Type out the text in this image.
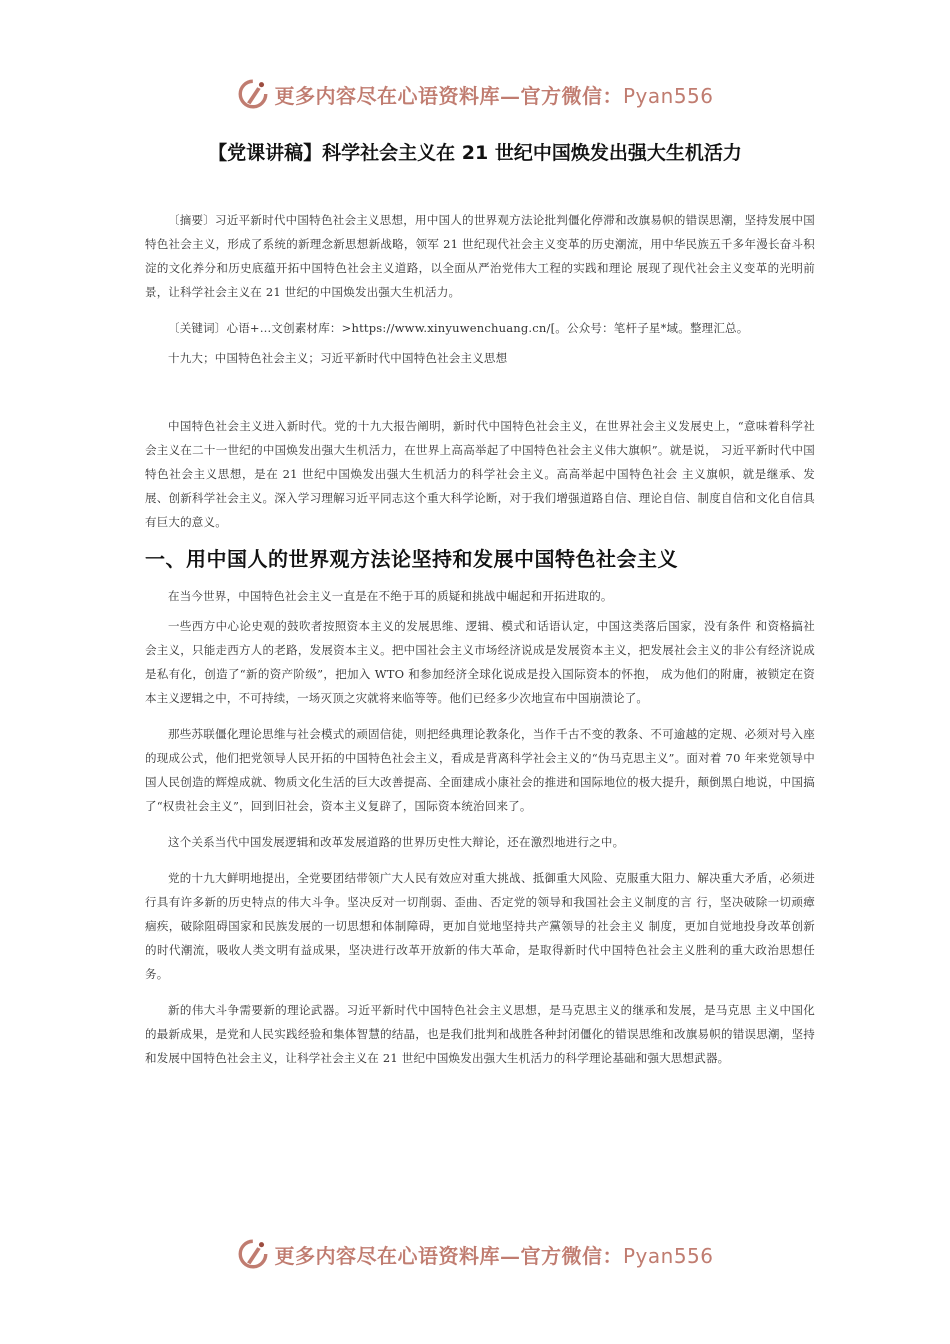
更多内容尽在心语资料库—官方微信：Pyan556
【党课讲稿】科学社会主义在 21 世纪中国焕发出强大生机活力

〔摘要〕习近平新时代中国特色社会主义思想，用中国人的世界观方法论批判僵化停滞和改旗易帜的错误思潮，坚持发展中国特色社会主义，形成了系统的新理念新思想新战略，领军 21 世纪现代社会主义变革的历史潮流，用中华民族五千多年漫长奋斗积淀的文化养分和历史底蕴开拓中国特色社会主义道路，以全面从严治党伟大工程的实践和理论 展现了现代社会主义变革的光明前景，让科学社会主义在 21 世纪的中国焕发出强大生机活力。

〔关键词〕心语+…文创素材库：>https://www.xinyuwenchuang.cn/[。公众号：笔杆子星*域。整理汇总。

十九大；中国特色社会主义；习近平新时代中国特色社会主义思想

中国特色社会主义进入新时代。党的十九大报告阐明，新时代中国特色社会主义，在世界社会主义发展史上，“意味着科学社会主义在二十一世纪的中国焕发出强大生机活力，在世界上高高举起了中国特色社会主义伟大旗帜”。就是说， 习近平新时代中国特色社会主义思想，是在 21 世纪中国焕发出强大生机活力的科学社会主义。高高举起中国特色社会 主义旗帜，就是继承、发展、创新科学社会主义。深入学习理解习近平同志这个重大科学论断，对于我们增强道路自信、理论自信、制度自信和文化自信具有巨大的意义。

一、用中国人的世界观方法论坚持和发展中国特色社会主义

在当今世界，中国特色社会主义一直是在不绝于耳的质疑和挑战中崛起和开拓进取的。

一些西方中心论史观的鼓吹者按照资本主义的发展思维、逻辑、模式和话语认定，中国这类落后国家，没有条件 和资格搞社会主义，只能走西方人的老路，发展资本主义。把中国社会主义市场经济说成是发展资本主义，把发展社会主义的非公有经济说成是私有化，创造了“新的资产阶级”，把加入 WTO 和参加经济全球化说成是投入国际资本的怀抱， 成为他们的附庸，被锁定在资本主义逻辑之中，不可持续，一场灭顶之灾就将来临等等。他们已经多少次地宣布中国崩溃论了。

那些苏联僵化理论思维与社会模式的顽固信徒，则把经典理论教条化，当作千古不变的教条、不可逾越的定规、必须对号入座的现成公式，他们把党领导人民开拓的中国特色社会主义，看成是背离科学社会主义的“伪马克思主义”。面对着 70 年来党领导中国人民创造的辉煌成就、物质文化生活的巨大改善提高、全面建成小康社会的推进和国际地位的极大提升，颠倒黑白地说，中国搞了“权贵社会主义”，回到旧社会，资本主义复辟了，国际资本统治回来了。

这个关系当代中国发展逻辑和改革发展道路的世界历史性大辩论，还在激烈地进行之中。

党的十九大鲜明地提出，全党要团结带领广大人民有效应对重大挑战、抵御重大风险、克服重大阻力、解决重大矛盾，必须进行具有许多新的历史特点的伟大斗争。坚决反对一切削弱、歪曲、否定党的领导和我国社会主义制度的言 行，坚决破除一切顽瘴痼疾，破除阻碍国家和民族发展的一切思想和体制障碍，更加自觉地坚持共产黨领导的社会主义 制度，更加自觉地投身改革创新的时代潮流，吸收人类文明有益成果，坚决进行改革开放新的伟大革命，是取得新时代中国特色社会主义胜利的重大政治思想任务。

新的伟大斗争需要新的理论武器。习近平新时代中国特色社会主义思想，是马克思主义的继承和发展，是马克思 主义中国化的最新成果，是党和人民实践经验和集体智慧的结晶，也是我们批判和战胜各种封闭僵化的错误思维和改旗易帜的错误思潮，坚持和发展中国特色社会主义，让科学社会主义在 21 世纪中国焕发出强大生机活力的科学理论基础和强大思想武器。

更多内容尽在心语资料库—官方微信：Pyan556
